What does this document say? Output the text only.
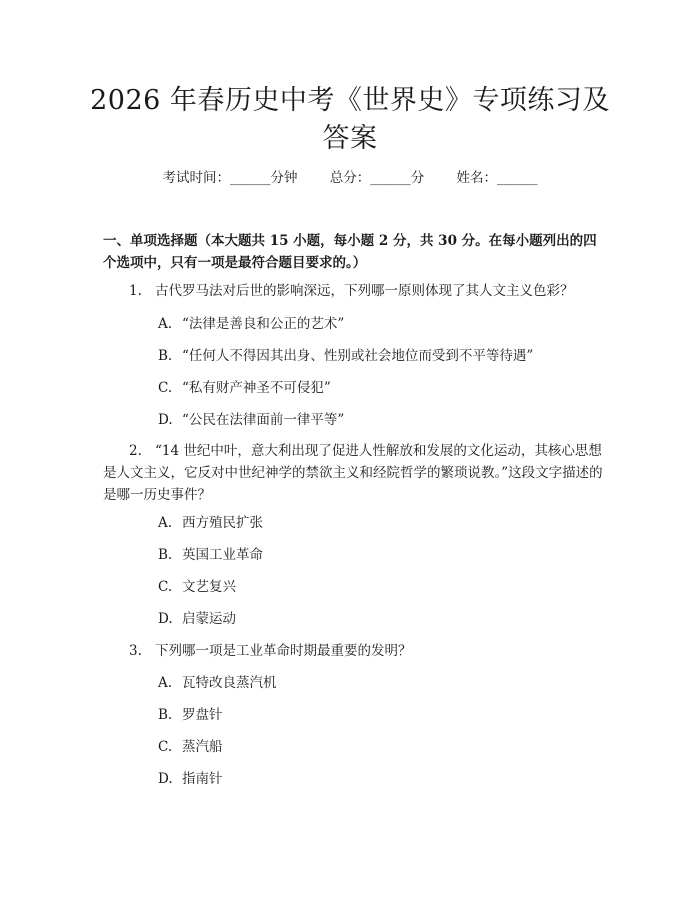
2026 年春历史中考《世界史》专项练习及答案
考试时间：______分钟 总分：______分 姓名：______
一、单项选择题（本大题共 15 小题，每小题 2 分，共 30 分。在每小题列出的四个选项中，只有一项是最符合题目要求的。）
1. 古代罗马法对后世的影响深远，下列哪一原则体现了其人文主义色彩？
A. “法律是善良和公正的艺术”
B. “任何人不得因其出身、性别或社会地位而受到不平等待遇”
C. “私有财产神圣不可侵犯”
D. “公民在法律面前一律平等”
2. “14 世纪中叶，意大利出现了促进人性解放和发展的文化运动，其核心思想是人文主义，它反对中世纪神学的禁欲主义和经院哲学的繁琐说教。”这段文字描述的是哪一历史事件？
A. 西方殖民扩张
B. 英国工业革命
C. 文艺复兴
D. 启蒙运动
3. 下列哪一项是工业革命时期最重要的发明？
A. 瓦特改良蒸汽机
B. 罗盘针
C. 蒸汽船
D. 指南针
